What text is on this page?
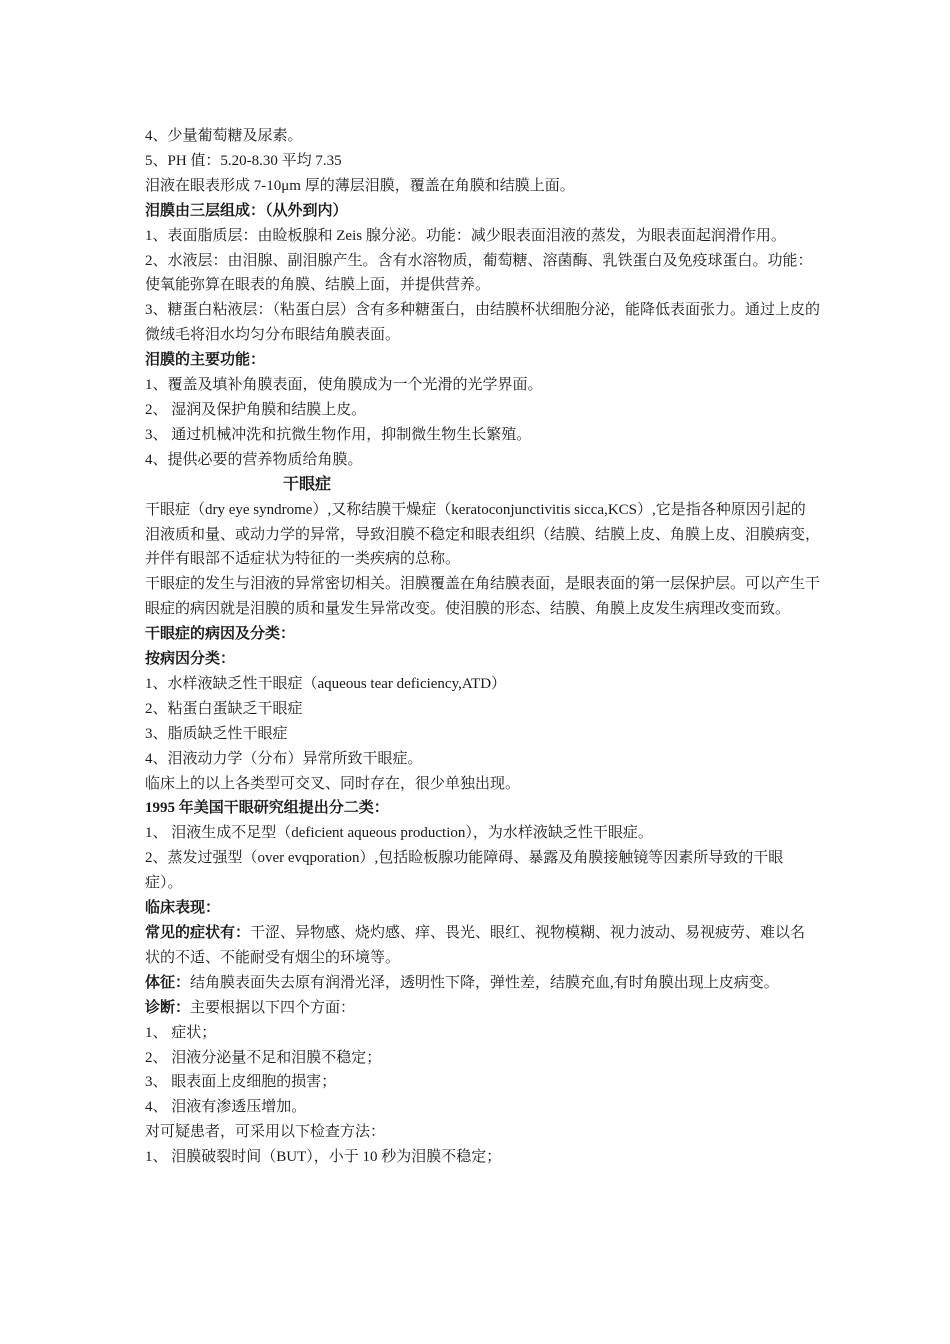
4、少量葡萄糖及尿素。

5、PH 值：5.20-8.30 平均 7.35

泪液在眼表形成 7-10μm 厚的薄层泪膜，覆盖在角膜和结膜上面。

泪膜由三层组成：（从外到内）

1、表面脂质层：由睑板腺和 Zeis 腺分泌。功能：减少眼表面泪液的蒸发，为眼表面起润滑作用。

2、水液层：由泪腺、副泪腺产生。含有水溶物质，葡萄糖、溶菌酶、乳铁蛋白及免疫球蛋白。功能：使氧能弥算在眼表的角膜、结膜上面，并提供营养。

3、糖蛋白粘液层：（粘蛋白层）含有多种糖蛋白，由结膜杯状细胞分泌，能降低表面张力。通过上皮的微绒毛将泪水均匀分布眼结角膜表面。

泪膜的主要功能：

1、覆盖及填补角膜表面，使角膜成为一个光滑的光学界面。

2、 湿润及保护角膜和结膜上皮。

3、 通过机械冲洗和抗微生物作用，抑制微生物生长繁殖。

4、提供必要的营养物质给角膜。

干眼症

干眼症（dry eye syndrome）,又称结膜干燥症（keratoconjunctivitis sicca,KCS）,它是指各种原因引起的泪液质和量、或动力学的异常，导致泪膜不稳定和眼表组织（结膜、结膜上皮、角膜上皮、泪膜病变，并伴有眼部不适症状为特征的一类疾病的总称。

干眼症的发生与泪液的异常密切相关。泪膜覆盖在角结膜表面，是眼表面的第一层保护层。可以产生干眼症的病因就是泪膜的质和量发生异常改变。使泪膜的形态、结膜、角膜上皮发生病理改变而致。

干眼症的病因及分类：

按病因分类：

1、水样液缺乏性干眼症（aqueous tear deficiency,ATD）

2、粘蛋白蛋缺乏干眼症

3、脂质缺乏性干眼症

4、泪液动力学（分布）异常所致干眼症。

临床上的以上各类型可交叉、同时存在，很少单独出现。

1995 年美国干眼研究组提出分二类：

1、 泪液生成不足型（deficient aqueous production），为水样液缺乏性干眼症。

2、蒸发过强型（over evqporation）,包括睑板腺功能障碍、暴露及角膜接触镜等因素所导致的干眼症）。

临床表现：

常见的症状有：干涩、异物感、烧灼感、痒、畏光、眼红、视物模糊、视力波动、易视疲劳、难以名状的不适、不能耐受有烟尘的环境等。

体征：结角膜表面失去原有润滑光泽，透明性下降，弹性差，结膜充血,有时角膜出现上皮病变。

诊断：主要根据以下四个方面：

1、 症状；

2、 泪液分泌量不足和泪膜不稳定；

3、 眼表面上皮细胞的损害；

4、 泪液有渗透压增加。

对可疑患者，可采用以下检查方法：

1、 泪膜破裂时间（BUT），小于 10 秒为泪膜不稳定；
